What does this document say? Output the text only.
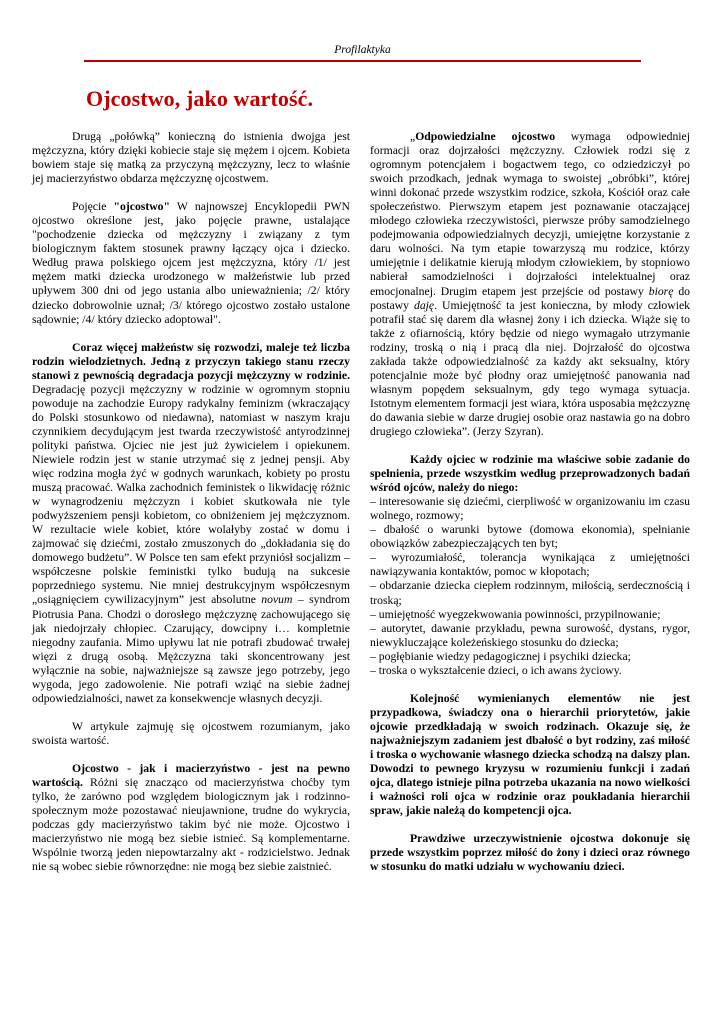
Profilaktyka
Ojcostwo, jako wartość.

Drugą „połówką” konieczną do istnienia dwojga jest mężczyzna, który dzięki kobiecie staje się mężem i ojcem. Kobieta bowiem staje się matką za przyczyną mężczyzny, lecz to właśnie jej macierzyństwo obdarza mężczyznę ojcostwem.

Pojęcie "ojcostwo" W najnowszej Encyklopedii PWN ojcostwo określone jest, jako pojęcie prawne, ustalające "pochodzenie dziecka od mężczyzny i związany z tym biologicznym faktem stosunek prawny łączący ojca i dziecko. Według prawa polskiego ojcem jest mężczyzna, który /1/ jest mężem matki dziecka urodzonego w małżeństwie lub przed upływem 300 dni od jego ustania albo unieważnienia; /2/ który dziecko dobrowolnie uznał; /3/ którego ojcostwo zostało ustalone sądownie; /4/ który dziecko adoptował".

Coraz więcej małżeństw się rozwodzi, maleje też liczba rodzin wielodzietnych. Jedną z przyczyn takiego stanu rzeczy stanowi z pewnością degradacja pozycji mężczyzny w rodzinie. Degradację pozycji mężczyzny w rodzinie w ogromnym stopniu powoduje na zachodzie Europy radykalny feminizm (wkraczający do Polski stosunkowo od niedawna), natomiast w naszym kraju czynnikiem decydującym jest twarda rzeczywistość antyrodzinnej polityki państwa. Ojciec nie jest już żywicielem i opiekunem. Niewiele rodzin jest w stanie utrzymać się z jednej pensji. Aby więc rodzina mogła żyć w godnych warunkach, kobiety po prostu muszą pracować. Walka zachodnich feministek o likwidację różnic w wynagrodzeniu mężczyzn i kobiet skutkowała nie tyle podwyższeniem pensji kobietom, co obniżeniem jej mężczyznom. W rezultacie wiele kobiet, które wolałyby zostać w domu i zajmować się dziećmi, zostało zmuszonych do „dokładania się do domowego budżetu”. W Polsce ten sam efekt przyniósł socjalizm – współczesne polskie feministki tylko budują na sukcesie poprzedniego systemu. Nie mniej destrukcyjnym współczesnym „osiągnięciem cywilizacyjnym” jest absolutne novum – syndrom Piotrusia Pana. Chodzi o dorosłego mężczyznę zachowującego się jak niedojrzały chłopiec. Czarujący, dowcipny i… kompletnie niegodny zaufania. Mimo upływu lat nie potrafi zbudować trwałej więzi z drugą osobą. Mężczyzna taki skoncentrowany jest wyłącznie na sobie, najważniejsze są zawsze jego potrzeby, jego wygoda, jego zadowolenie. Nie potrafi wziąć na siebie żadnej odpowiedzialności, nawet za konsekwencje własnych decyzji.

W artykule zajmuję się ojcostwem rozumianym, jako swoista wartość.

Ojcostwo - jak i macierzyństwo - jest na pewno wartością. Różni się znacząco od macierzyństwa choćby tym tylko, że zarówno pod względem biologicznym jak i rodzinno-społecznym może pozostawać nieujawnione, trudne do wykrycia, podczas gdy macierzyństwo takim być nie może. Ojcostwo i macierzyństwo nie mogą bez siebie istnieć. Są komplementarne. Wspólnie tworzą jeden niepowtarzalny akt - rodzicielstwo. Jednak nie są wobec siebie równorzędne: nie mogą bez siebie zaistnieć.

„Odpowiedzialne ojcostwo wymaga odpowiedniej formacji oraz dojrzałości mężczyzny. Człowiek rodzi się z ogromnym potencjałem i bogactwem tego, co odziedziczył po swoich przodkach, jednak wymaga to swoistej „obróbki”, której winni dokonać przede wszystkim rodzice, szkoła, Kościół oraz całe społeczeństwo. Pierwszym etapem jest poznawanie otaczającej młodego człowieka rzeczywistości, pierwsze próby samodzielnego podejmowania odpowiedzialnych decyzji, umiejętne korzystanie z daru wolności. Na tym etapie towarzyszą mu rodzice, którzy umiejętnie i delikatnie kierują młodym człowiekiem, by stopniowo nabierał samodzielności i dojrzałości intelektualnej oraz emocjonalnej. Drugim etapem jest przejście od postawy biorę do postawy daję. Umiejętność ta jest konieczna, by młody człowiek potrafił stać się darem dla własnej żony i ich dziecka. Wiąże się to także z ofiarnością, który będzie od niego wymagało utrzymanie rodziny, troską o nią i pracą dla niej. Dojrzałość do ojcostwa zakłada także odpowiedzialność za każdy akt seksualny, który potencjalnie może być płodny oraz umiejętność panowania nad własnym popędem seksualnym, gdy tego wymaga sytuacja. Istotnym elementem formacji jest wiara, która usposabia mężczyznę do dawania siebie w darze drugiej osobie oraz nastawia go na dobro drugiego człowieka”. (Jerzy Szyran).

Każdy ojciec w rodzinie ma właściwe sobie zadanie do spełnienia, przede wszystkim według przeprowadzonych badań wśród ojców, należy do niego:

– interesowanie się dziećmi, cierpliwość w organizowaniu im czasu wolnego, rozmowy;

– dbałość o warunki bytowe (domowa ekonomia), spełnianie obowiązków zabezpieczających ten byt;

– wyrozumiałość, tolerancja wynikająca z umiejętności nawiązywania kontaktów, pomoc w kłopotach;

– obdarzanie dziecka ciepłem rodzinnym, miłością, serdecznością i troską;

– umiejętność wyegzekwowania powinności, przypilnowanie;

– autorytet, dawanie przykładu, pewna surowość, dystans, rygor, niewykluczające koleżeńskiego stosunku do dziecka;

– pogłębianie wiedzy pedagogicznej i psychiki dziecka;

– troska o wykształcenie dzieci, o ich awans życiowy.

Kolejność wymienianych elementów nie jest przypadkowa, świadczy ona o hierarchii priorytetów, jakie ojcowie przedkładają w swoich rodzinach. Okazuje się, że najważniejszym zadaniem jest dbałość o byt rodziny, zaś miłość i troska o wychowanie własnego dziecka schodzą na dalszy plan. Dowodzi to pewnego kryzysu w rozumieniu funkcji i zadań ojca, dlatego istnieje pilna potrzeba ukazania na nowo wielkości i ważności roli ojca w rodzinie oraz poukładania hierarchii spraw, jakie należą do kompetencji ojca.

Prawdziwe urzeczywistnienie ojcostwa dokonuje się przede wszystkim poprzez miłość do żony i dzieci oraz równego w stosunku do matki udziału w wychowaniu dzieci.
